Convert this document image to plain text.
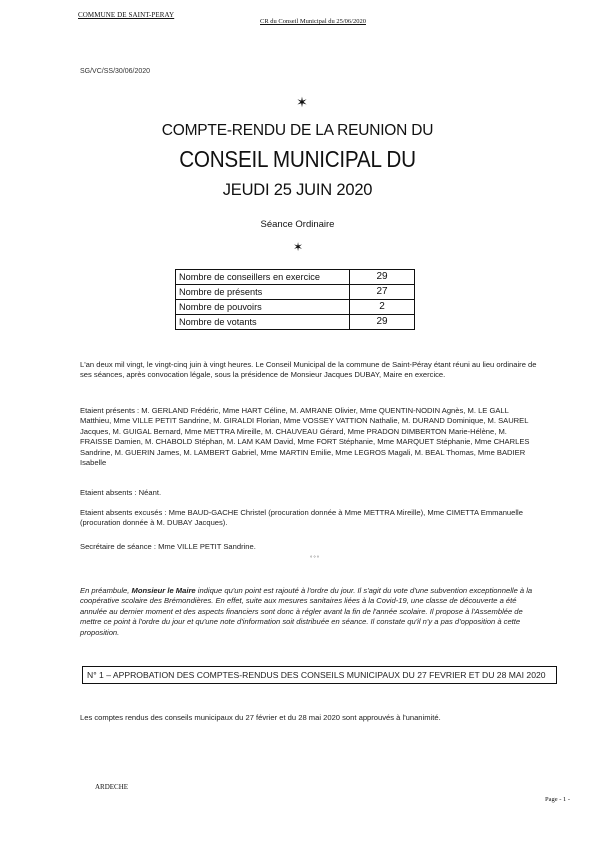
COMMUNE DE SAINT-PERAY
CR du Conseil Municipal du 25/06/2020
SG/VC/SS/30/06/2020
✶
COMPTE-RENDU DE LA REUNION DU
CONSEIL MUNICIPAL DU
JEUDI 25 JUIN 2020
Séance Ordinaire
✶
Nombre de conseillers en exercice	29
Nombre de présents	27
Nombre de pouvoirs	2
Nombre de votants	29
L'an deux mil vingt, le vingt-cinq juin à vingt heures. Le Conseil Municipal de la commune de Saint-Péray étant réuni au lieu ordinaire de ses séances, après convocation légale, sous la présidence de Monsieur Jacques DUBAY, Maire en exercice.
Etaient présents : M. GERLAND Frédéric, Mme HART Céline, M. AMRANE Olivier, Mme QUENTIN-NODIN Agnès, M. LE GALL Matthieu, Mme VILLE PETIT Sandrine, M. GIRALDI Florian, Mme VOSSEY VATTION Nathalie, M. DURAND Dominique, M. SAUREL Jacques, M. GUIGAL Bernard, Mme METTRA Mireille, M. CHAUVEAU Gérard, Mme PRADON DIMBERTON Marie-Hélène, M. FRAISSE Damien, M. CHABOLD Stéphan, M. LAM KAM David, Mme FORT Stéphanie, Mme MARQUET Stéphanie, Mme CHARLES Sandrine, M. GUERIN James, M. LAMBERT Gabriel, Mme MARTIN Emilie, Mme LEGROS Magali, M. BEAL Thomas, Mme BADIER Isabelle
Etaient absents : Néant.
Etaient absents excusés : Mme BAUD-GACHE Christel (procuration donnée à Mme METTRA Mireille), Mme CIMETTA Emmanuelle (procuration donnée à M. DUBAY Jacques).
Secrétaire de séance : Mme VILLE PETIT Sandrine.
°°°
En préambule, Monsieur le Maire indique qu'un point est rajouté à l'ordre du jour. Il s'agit du vote d'une subvention exceptionnelle à la coopérative scolaire des Brémondières. En effet, suite aux mesures sanitaires liées à la Covid-19, une classe de découverte a été annulée au dernier moment et des aspects financiers sont donc à régler avant la fin de l'année scolaire. Il propose à l'Assemblée de mettre ce point à l'ordre du jour et qu'une note d'information soit distribuée en séance. Il constate qu'il n'y a pas d'opposition à cette proposition.
N° 1 – APPROBATION DES COMPTES-RENDUS DES CONSEILS MUNICIPAUX DU 27 FEVRIER ET DU 28 MAI 2020
Les comptes rendus des conseils municipaux du 27 février et du 28 mai 2020 sont approuvés à l'unanimité.
ARDECHE
Page - 1 -
